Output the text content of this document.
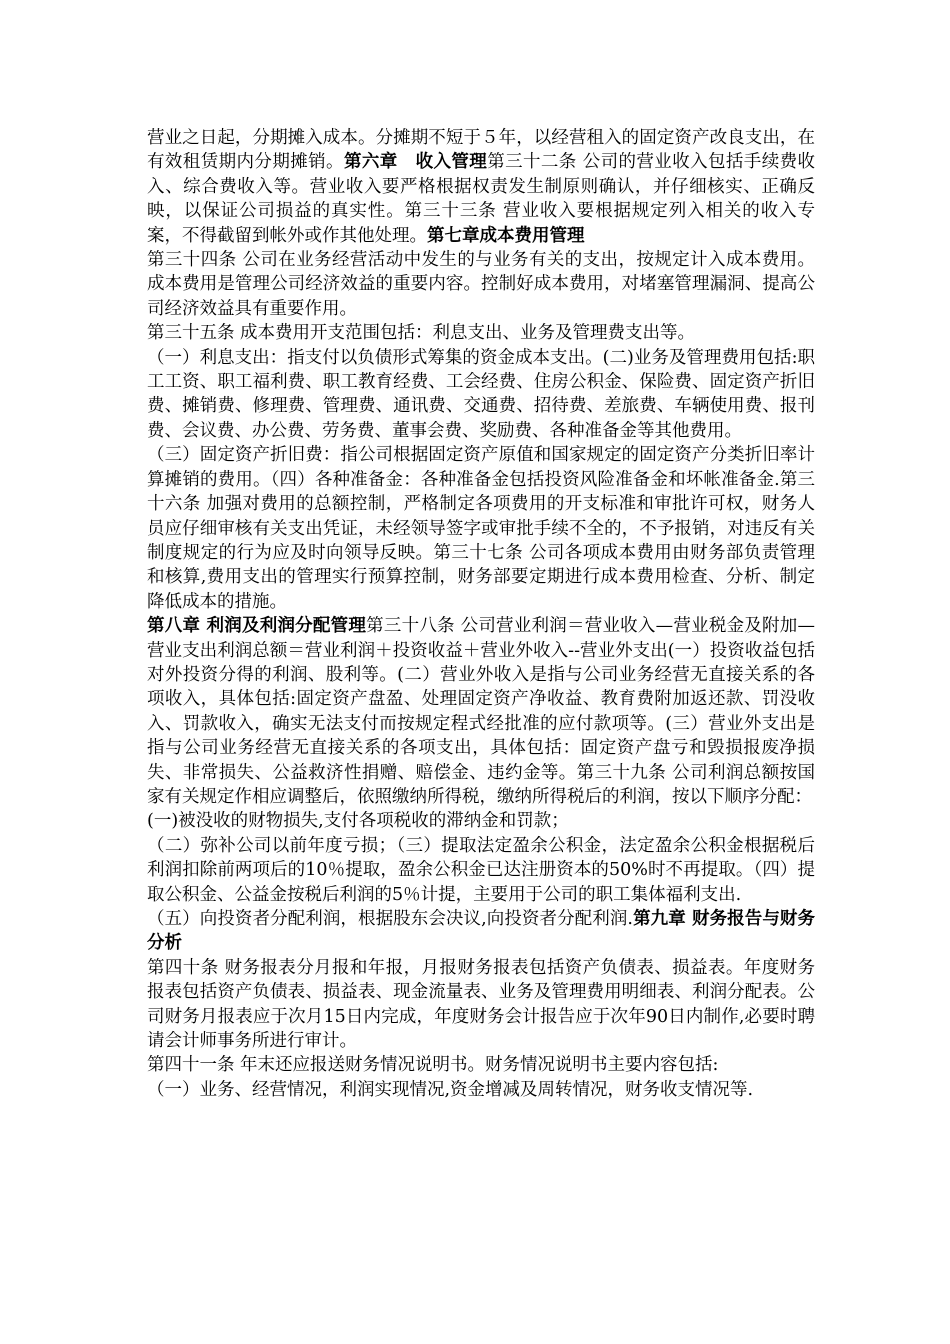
营业之日起，分期摊入成本。分摊期不短于５年，以经营租入的固定资产改良支出，在有效租赁期内分期摊销。第六章　收入管理第三十二条 公司的营业收入包括手续费收入、综合费收入等。营业收入要严格根据权责发生制原则确认，并仔细核实、正确反映，以保证公司损益的真实性。第三十三条 营业收入要根据规定列入相关的收入专案，不得截留到帐外或作其他处理。第七章成本费用管理

第三十四条 公司在业务经营活动中发生的与业务有关的支出，按规定计入成本费用。成本费用是管理公司经济效益的重要内容。控制好成本费用，对堵塞管理漏洞、提高公司经济效益具有重要作用。

第三十五条 成本费用开支范围包括：利息支出、业务及管理费支出等。

（一）利息支出：指支付以负债形式筹集的资金成本支出。(二)业务及管理费用包括:职工工资、职工福利费、职工教育经费、工会经费、住房公积金、保险费、固定资产折旧费、摊销费、修理费、管理费、通讯费、交通费、招待费、差旅费、车辆使用费、报刊费、会议费、办公费、劳务费、董事会费、奖励费、各种准备金等其他费用。

（三）固定资产折旧费：指公司根据固定资产原值和国家规定的固定资产分类折旧率计算摊销的费用。（四）各种准备金：各种准备金包括投资风险准备金和坏帐准备金.第三十六条 加强对费用的总额控制，严格制定各项费用的开支标准和审批许可权，财务人员应仔细审核有关支出凭证，未经领导签字或审批手续不全的，不予报销，对违反有关制度规定的行为应及时向领导反映。第三十七条 公司各项成本费用由财务部负责管理和核算,费用支出的管理实行预算控制，财务部要定期进行成本费用检查、分析、制定降低成本的措施。

第八章 利润及利润分配管理第三十八条 公司营业利润＝营业收入—营业税金及附加—营业支出利润总额＝营业利润＋投资收益＋营业外收入--营业外支出(一）投资收益包括对外投资分得的利润、股利等。(二）营业外收入是指与公司业务经营无直接关系的各项收入，具体包括:固定资产盘盈、处理固定资产净收益、教育费附加返还款、罚没收入、罚款收入，确实无法支付而按规定程式经批准的应付款项等。(三）营业外支出是指与公司业务经营无直接关系的各项支出，具体包括：固定资产盘亏和毁损报废净损失、非常损失、公益救济性捐赠、赔偿金、违约金等。第三十九条 公司利润总额按国家有关规定作相应调整后，依照缴纳所得税，缴纳所得税后的利润，按以下顺序分配：

(一)被没收的财物损失,支付各项税收的滞纳金和罚款；

（二）弥补公司以前年度亏损；（三）提取法定盈余公积金，法定盈余公积金根据税后利润扣除前两项后的10％提取，盈余公积金已达注册资本的50%时不再提取。（四）提取公积金、公益金按税后利润的5％计提，主要用于公司的职工集体福利支出.

（五）向投资者分配利润，根据股东会决议,向投资者分配利润.第九章 财务报告与财务分析

第四十条 财务报表分月报和年报，月报财务报表包括资产负债表、损益表。年度财务报表包括资产负债表、损益表、现金流量表、业务及管理费用明细表、利润分配表。公司财务月报表应于次月15日内完成，年度财务会计报告应于次年90日内制作,必要时聘请会计师事务所进行审计。

第四十一条 年末还应报送财务情况说明书。财务情况说明书主要内容包括:

（一）业务、经营情况，利润实现情况,资金增减及周转情况，财务收支情况等.
